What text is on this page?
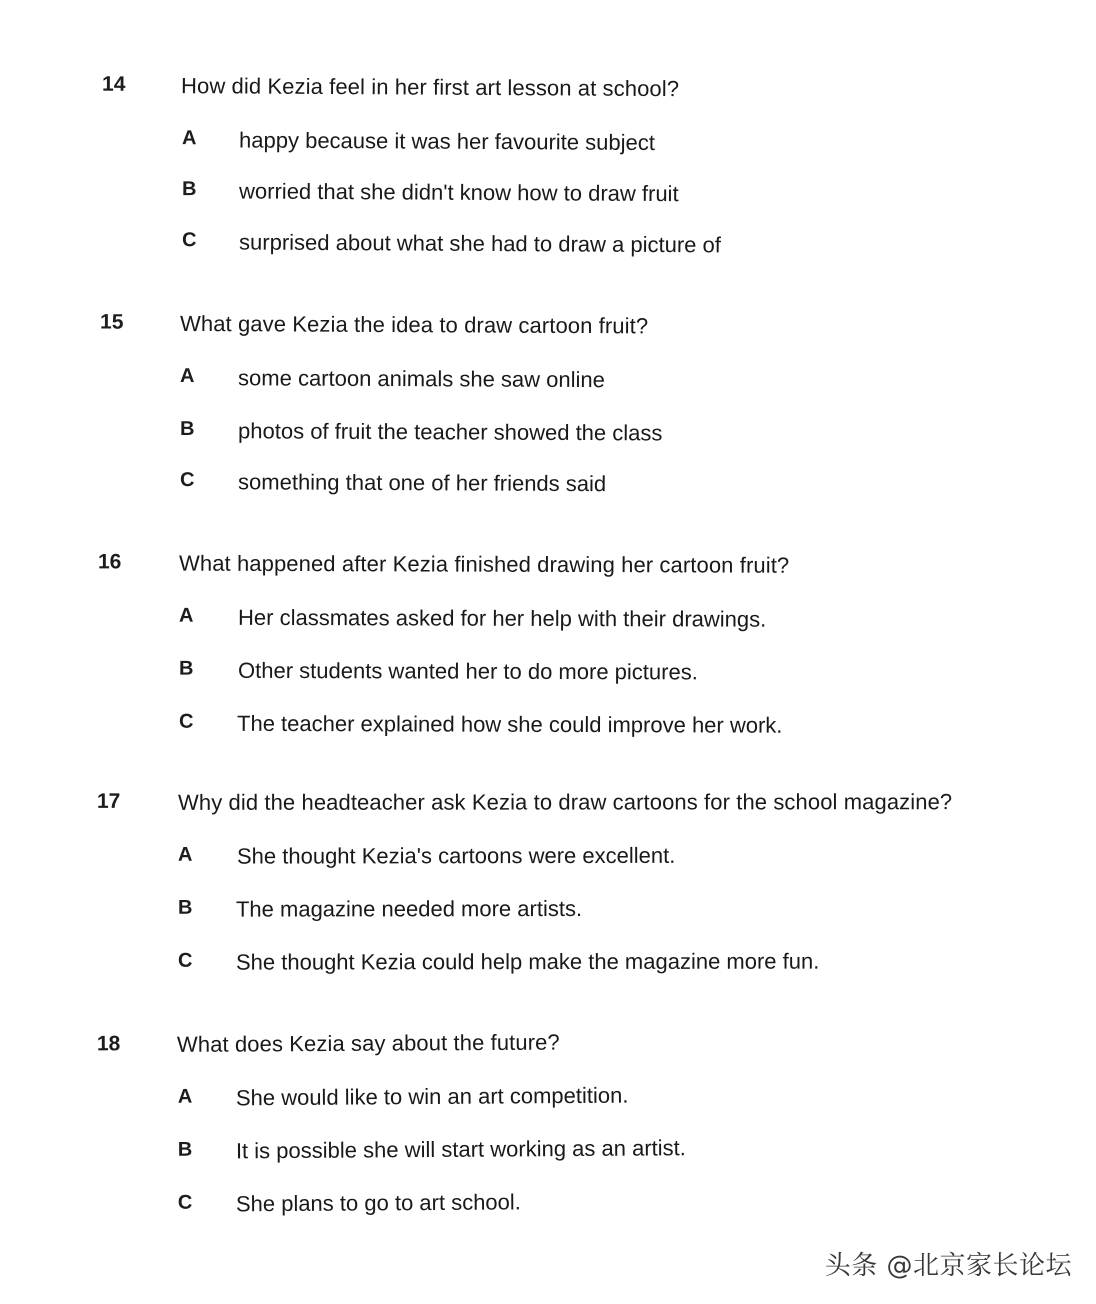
14	How did Kezia feel in her first art lesson at school?
A happy because it was her favourite subject
B worried that she didn't know how to draw fruit
C surprised about what she had to draw a picture of
15	What gave Kezia the idea to draw cartoon fruit?
A some cartoon animals she saw online
B photos of fruit the teacher showed the class
C something that one of her friends said
16	What happened after Kezia finished drawing her cartoon fruit?
A Her classmates asked for her help with their drawings.
B Other students wanted her to do more pictures.
C The teacher explained how she could improve her work.
17	Why did the headteacher ask Kezia to draw cartoons for the school magazine?
A She thought Kezia's cartoons were excellent.
B The magazine needed more artists.
C She thought Kezia could help make the magazine more fun.
18	What does Kezia say about the future?
A She would like to win an art competition.
B It is possible she will start working as an artist.
C She plans to go to art school.
头条 @北京家长论坛
